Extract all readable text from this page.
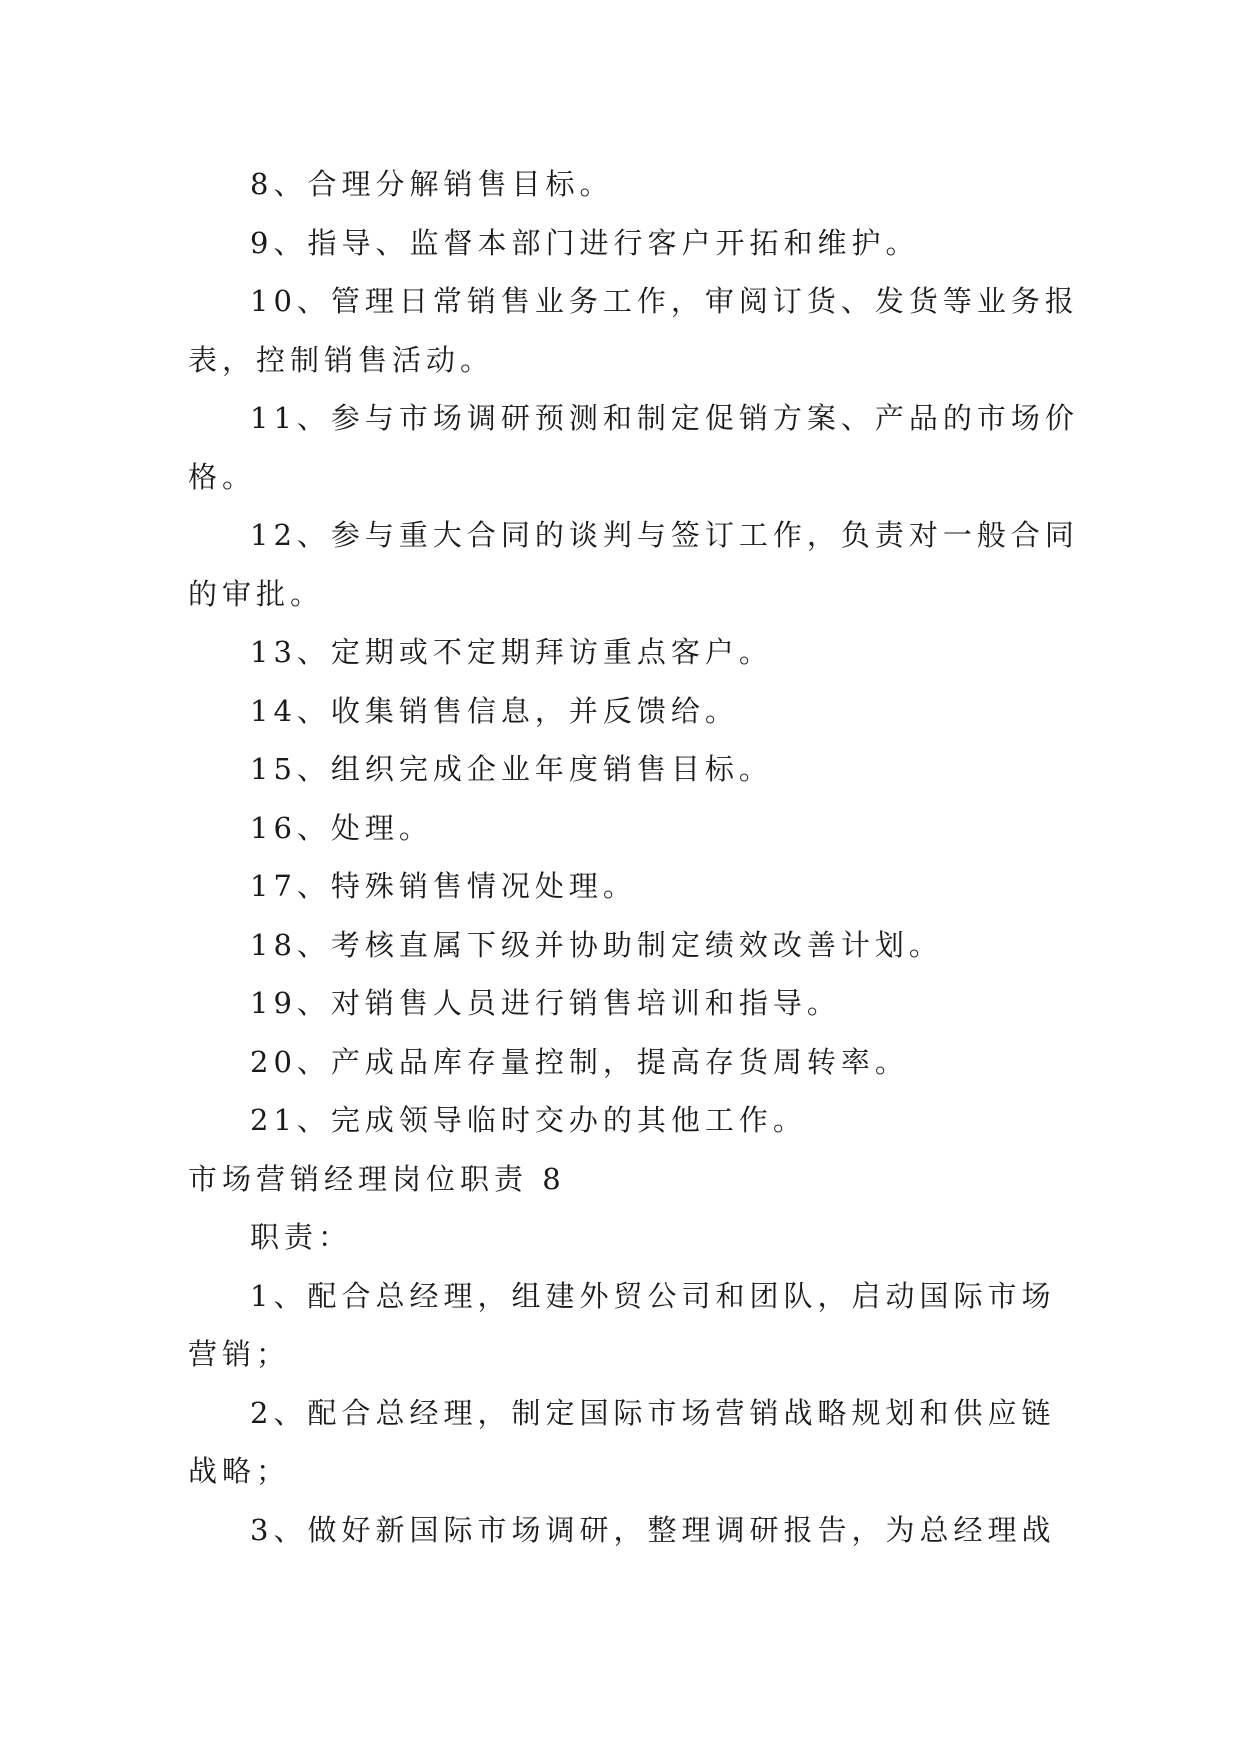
8、合理分解销售目标。

9、指导、监督本部门进行客户开拓和维护。

10、管理日常销售业务工作，审阅订货、发货等业务报

表，控制销售活动。

11、参与市场调研预测和制定促销方案、产品的市场价

格。

12、参与重大合同的谈判与签订工作，负责对一般合同

的审批。

13、定期或不定期拜访重点客户。

14、收集销售信息，并反馈给。

15、组织完成企业年度销售目标。

16、处理。

17、特殊销售情况处理。

18、考核直属下级并协助制定绩效改善计划。

19、对销售人员进行销售培训和指导。

20、产成品库存量控制，提高存货周转率。

21、完成领导临时交办的其他工作。

市场营销经理岗位职责 8

职责：

1、配合总经理，组建外贸公司和团队，启动国际市场

营销；

2、配合总经理，制定国际市场营销战略规划和供应链

战略；

3、做好新国际市场调研，整理调研报告，为总经理战
